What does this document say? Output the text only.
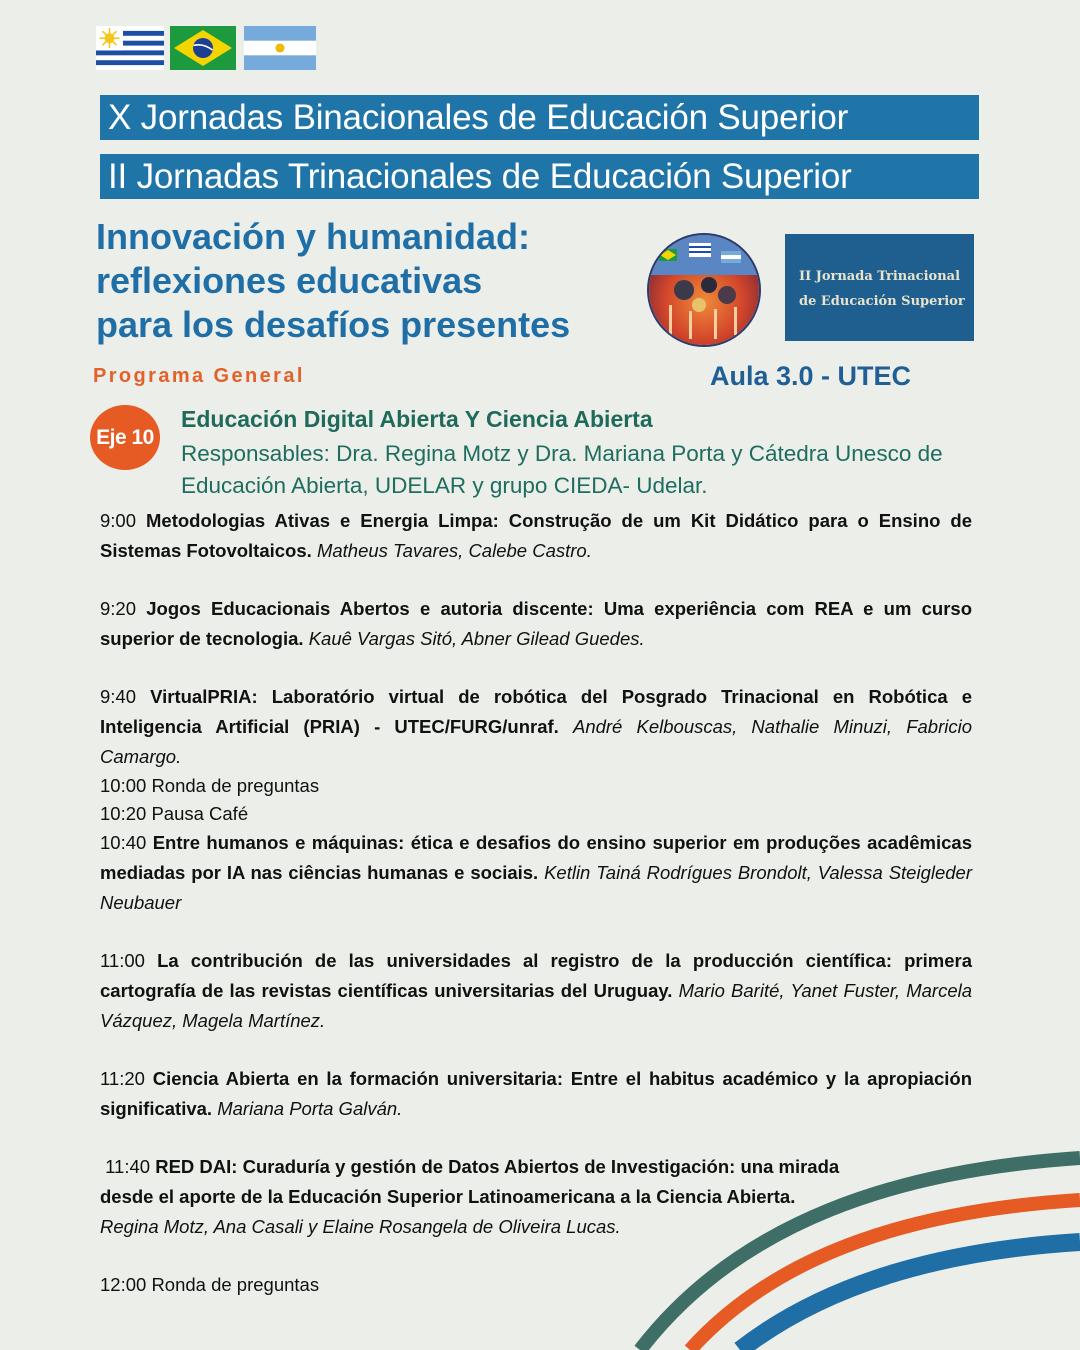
X Jornadas Binacionales de Educación Superior
II Jornadas Trinacionales de Educación Superior
Innovación y humanidad:
reflexiones educativas
para los desafíos presentes
II Jornada Trinacional
de Educación Superior
Programa General	Aula 3.0 - UTEC
Eje 10
Educación Digital Abierta Y Ciencia Abierta
Responsables: Dra. Regina Motz y Dra. Mariana Porta y Cátedra Unesco de Educación Abierta, UDELAR y grupo CIEDA- Udelar.
9:00 Metodologias Ativas e Energia Limpa: Construção de um Kit Didático para o Ensino de Sistemas Fotovoltaicos. Matheus Tavares, Calebe Castro.
9:20 Jogos Educacionais Abertos e autoria discente: Uma experiência com REA e um curso superior de tecnologia. Kauê Vargas Sitó, Abner Gilead Guedes.
9:40 VirtualPRIA: Laboratório virtual de robótica del Posgrado Trinacional en Robótica e Inteligencia Artificial (PRIA) - UTEC/FURG/unraf. André Kelbouscas, Nathalie Minuzi, Fabricio Camargo.
10:00 Ronda de preguntas
10:20 Pausa Café
10:40 Entre humanos e máquinas: ética e desafios do ensino superior em produções acadêmicas mediadas por IA nas ciências humanas e sociais. Ketlin Tainá Rodrígues Brondolt, Valessa Steigleder Neubauer
11:00 La contribución de las universidades al registro de la producción científica: primera cartografía de las revistas científicas universitarias del Uruguay. Mario Barité, Yanet Fuster, Marcela Vázquez, Magela Martínez.
11:20 Ciencia Abierta en la formación universitaria: Entre el habitus académico y la apropiación significativa. Mariana Porta Galván.
11:40 RED DAI: Curaduría y gestión de Datos Abiertos de Investigación: una mirada desde el aporte de la Educación Superior Latinoamericana a la Ciencia Abierta. Regina Motz, Ana Casali y Elaine Rosangela de Oliveira Lucas.
12:00 Ronda de preguntas
